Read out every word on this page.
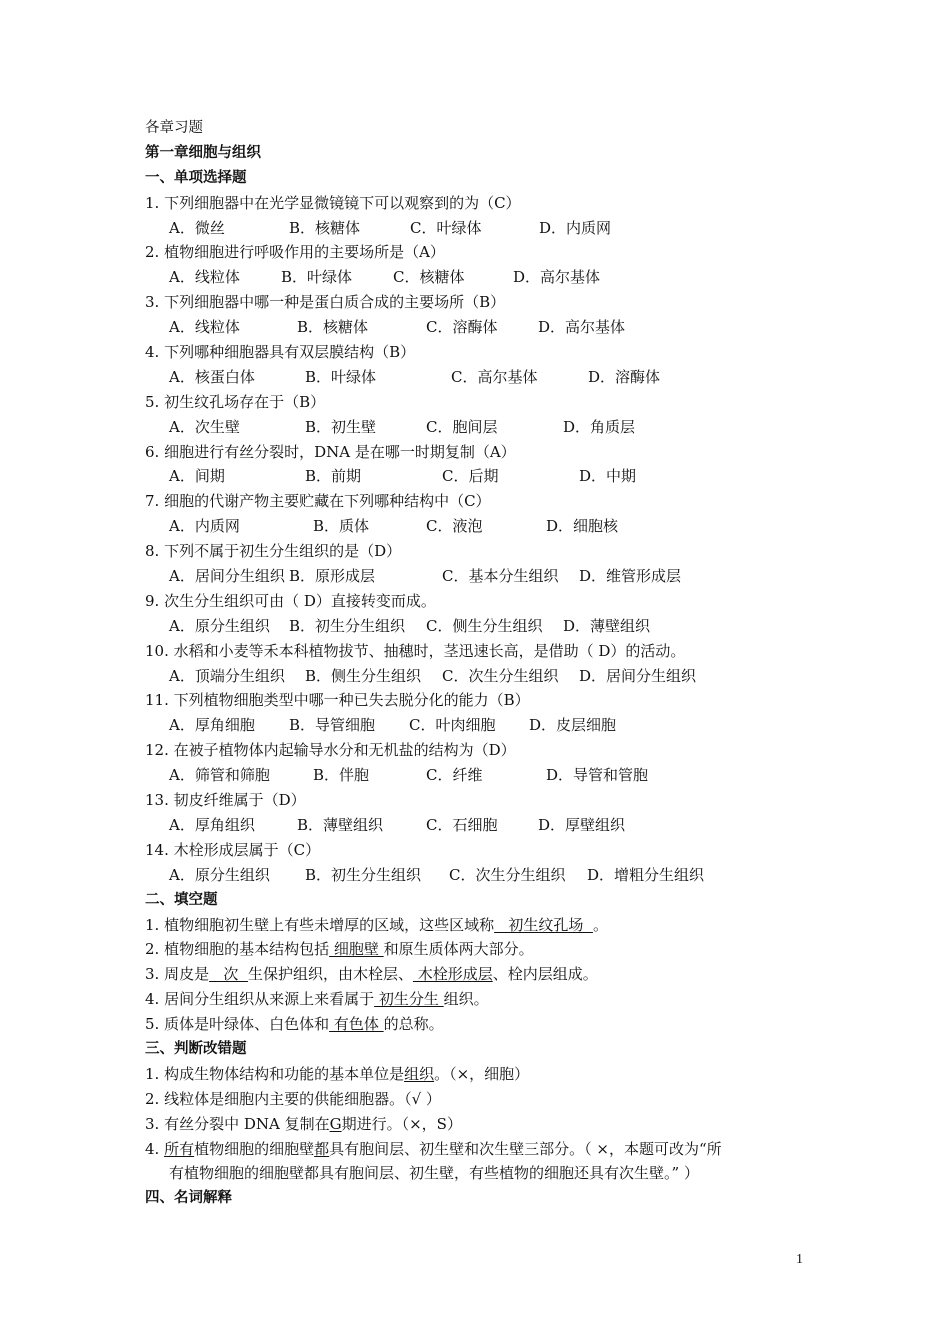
各章习题
第一章细胞与组织
一、单项选择题
1. 下列细胞器中在光学显微镜镜下可以观察到的为（C）
A．微丝	B．核糖体	C．叶绿体	D．内质网
2. 植物细胞进行呼吸作用的主要场所是（A）
A．线粒体	B．叶绿体	C．核糖体	D．高尔基体
3. 下列细胞器中哪一种是蛋白质合成的主要场所（B）
A．线粒体	B．核糖体	C．溶酶体	D．高尔基体
4. 下列哪种细胞器具有双层膜结构（B）
A．核蛋白体	B．叶绿体	C．高尔基体	D．溶酶体
5. 初生纹孔场存在于（B）
A．次生壁	B．初生壁	C．胞间层	D．角质层
6. 细胞进行有丝分裂时，DNA 是在哪一时期复制（A）
A．间期	B．前期	C．后期	D．中期
7. 细胞的代谢产物主要贮藏在下列哪种结构中（C）
A．内质网	B．质体	C．液泡	D．细胞核
8. 下列不属于初生分生组织的是（D）
A．居间分生组织 B．原形成层	C．基本分生组织 D．维管形成层
9. 次生分生组织可由（ D）直接转变而成。
A．原分生组织 B．初生分生组织 C．侧生分生组织 D．薄壁组织
10. 水稻和小麦等禾本科植物拔节、抽穗时，茎迅速长高，是借助（ D）的活动。
A．顶端分生组织 B．侧生分生组织 C．次生分生组织 D．居间分生组织
11. 下列植物细胞类型中哪一种已失去脱分化的能力（B）
A．厚角细胞 B．导管细胞 C．叶肉细胞 D．皮层细胞
12. 在被子植物体内起输导水分和无机盐的结构为（D）
A．筛管和筛胞	B．伴胞	C．纤维	D．导管和管胞
13. 韧皮纤维属于（D）
A．厚角组织	B．薄壁组织	C．石细胞	D．厚壁组织
14. 木栓形成层属于（C）
A．原分生组织 B．初生分生组织 C．次生分生组织 D．增粗分生组织
二、填空题
1. 植物细胞初生壁上有些未增厚的区域，这些区域称   初生纹孔场  。
2. 植物细胞的基本结构包括 细胞壁 和原生质体两大部分。
3. 周皮是   次  生保护组织，由木栓层、 木栓形成层、栓内层组成。
4. 居间分生组织从来源上来看属于 初生分生 组织。
5. 质体是叶绿体、白色体和 有色体 的总称。
三、判断改错题
1. 构成生物体结构和功能的基本单位是组织。（×，细胞）
2. 线粒体是细胞内主要的供能细胞器。（√ ）
3. 有丝分裂中 DNA 复制在G期进行。（×，S）
4. 所有植物细胞的细胞壁都具有胞间层、初生壁和次生壁三部分。（ ×，本题可改为“所
有植物细胞的细胞壁都具有胞间层、初生壁，有些植物的细胞还具有次生壁。” ）
四、名词解释
1
